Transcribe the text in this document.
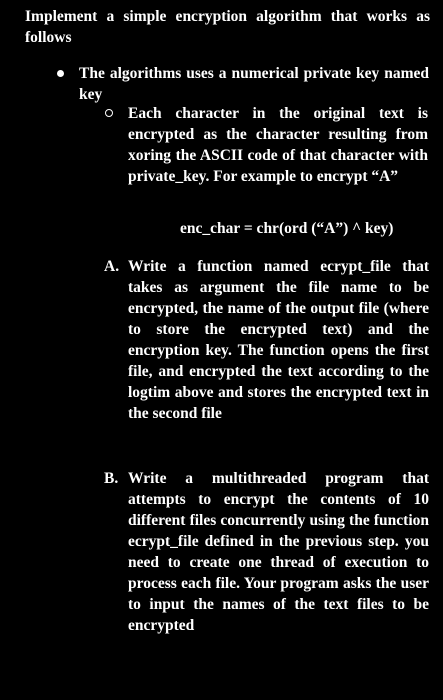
Implement a simple encryption algorithm that works as follows
The algorithms uses a numerical private key named key
Each character in the original text is encrypted as the character resulting from xoring the ASCII code of that character with private_key. For example to encrypt “A”
enc_char = chr(ord (“A”) ^ key)
A. Write a function named ecrypt_file that takes as argument the file name to be encrypted, the name of the output file (where to store the encrypted text) and the encryption key. The function opens the first file, and encrypted the text according to the logtim above and stores the encrypted text in the second file
B. Write a multithreaded program that attempts to encrypt the contents of 10 different files concurrently using the function ecrypt_file defined in the previous step. you need to create one thread of execution to process each file. Your program asks the user to input the names of the text files to be encrypted
